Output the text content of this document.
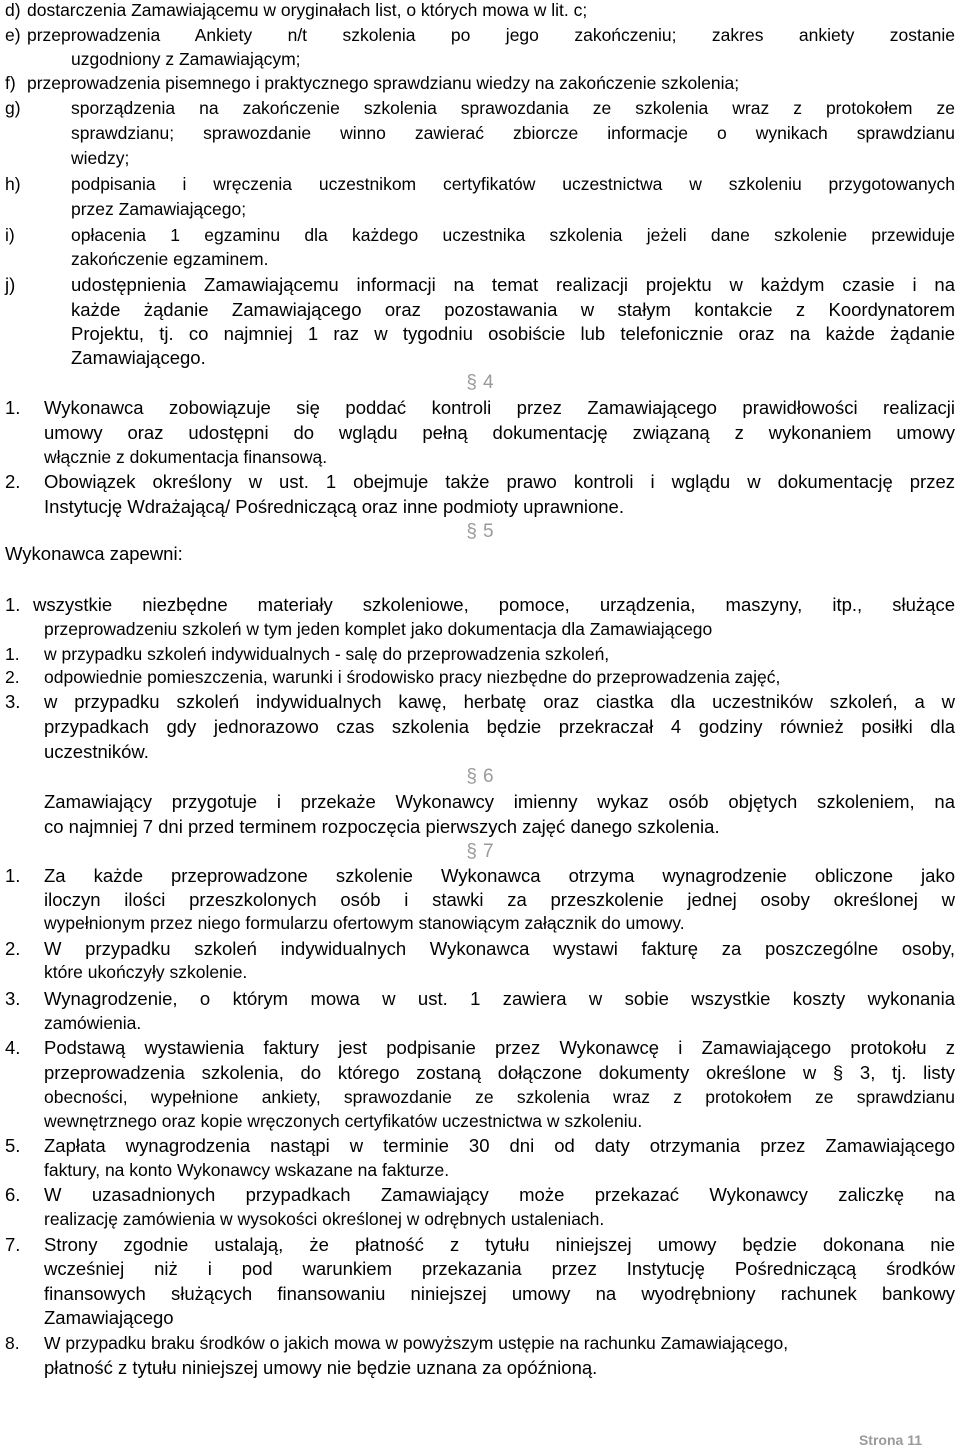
d) dostarczenia Zamawiającemu w oryginałach list, o których mowa w lit. c;
e) przeprowadzenia Ankiety n/t szkolenia po jego zakończeniu; zakres ankiety zostanie
uzgodniony z Zamawiającym;
f) przeprowadzenia pisemnego i praktycznego sprawdzianu wiedzy na zakończenie szkolenia;
g)	sporządzenia na zakończenie szkolenia sprawozdania ze szkolenia wraz z protokołem ze
sprawdzianu; sprawozdanie winno zawierać zbiorcze informacje o wynikach sprawdzianu
wiedzy;
h)	podpisania i wręczenia uczestnikom certyfikatów uczestnictwa w szkoleniu przygotowanych
przez Zamawiającego;
i)	opłacenia 1 egzaminu dla każdego uczestnika szkolenia jeżeli dane szkolenie przewiduje
zakończenie egzaminem.
j)	udostępnienia Zamawiającemu informacji na temat realizacji projektu w każdym czasie i na
każde żądanie Zamawiającego oraz pozostawania w stałym kontakcie z Koordynatorem
Projektu, tj. co najmniej 1 raz w tygodniu osobiście lub telefonicznie oraz na każde żądanie
Zamawiającego.
§ 4
1. Wykonawca zobowiązuje się poddać kontroli przez Zamawiającego prawidłowości realizacji
umowy oraz udostępni do wglądu pełną dokumentację związaną z wykonaniem umowy
włącznie z dokumentacja finansową.
2. Obowiązek określony w ust. 1 obejmuje także prawo kontroli i wglądu w dokumentację przez
Instytucję Wdrażającą/ Pośredniczącą oraz inne podmioty uprawnione.
§ 5
Wykonawca zapewni:
1. wszystkie niezbędne materiały szkoleniowe, pomoce, urządzenia, maszyny, itp., służące
przeprowadzeniu szkoleń w tym jeden komplet jako dokumentacja dla Zamawiającego
1. w przypadku szkoleń indywidualnych - salę do przeprowadzenia szkoleń,
2. odpowiednie pomieszczenia, warunki i środowisko pracy niezbędne do przeprowadzenia zajęć,
3. w przypadku szkoleń indywidualnych kawę, herbatę oraz ciastka dla uczestników szkoleń, a w
przypadkach gdy jednorazowo czas szkolenia będzie przekraczał 4 godziny również posiłki dla
uczestników.
§ 6
Zamawiający przygotuje i przekaże Wykonawcy imienny wykaz osób objętych szkoleniem, na
co najmniej 7 dni przed terminem rozpoczęcia pierwszych zajęć danego szkolenia.
§ 7
1. Za każde przeprowadzone szkolenie Wykonawca otrzyma wynagrodzenie obliczone jako
iloczyn ilości przeszkolonych osób i stawki za przeszkolenie jednej osoby określonej w
wypełnionym przez niego formularzu ofertowym stanowiącym załącznik do umowy.
2. W przypadku szkoleń indywidualnych Wykonawca wystawi fakturę za poszczególne osoby,
które ukończyły szkolenie.
3. Wynagrodzenie, o którym mowa w ust. 1 zawiera w sobie wszystkie koszty wykonania
zamówienia.
4. Podstawą wystawienia faktury jest podpisanie przez Wykonawcę i Zamawiającego protokołu z
przeprowadzenia szkolenia, do którego zostaną dołączone dokumenty określone w § 3, tj. listy
obecności, wypełnione ankiety, sprawozdanie ze szkolenia wraz z protokołem ze sprawdzianu
wewnętrznego oraz kopie wręczonych certyfikatów uczestnictwa w szkoleniu.
5. Zapłata wynagrodzenia nastąpi w terminie 30 dni od daty otrzymania przez Zamawiającego
faktury, na konto Wykonawcy wskazane na fakturze.
6. W uzasadnionych przypadkach Zamawiający może przekazać Wykonawcy zaliczkę na
realizację zamówienia w wysokości określonej w odrębnych ustaleniach.
7. Strony zgodnie ustalają, że płatność z tytułu niniejszej umowy będzie dokonana nie
wcześniej niż i pod warunkiem przekazania przez Instytucję Pośredniczącą środków
finansowych służących finansowaniu niniejszej umowy na wyodrębniony rachunek bankowy
Zamawiającego
8. W przypadku braku środków o jakich mowa w powyższym ustępie na rachunku Zamawiającego,
płatność z tytułu niniejszej umowy nie będzie uznana za opóźnioną.
Strona 11
